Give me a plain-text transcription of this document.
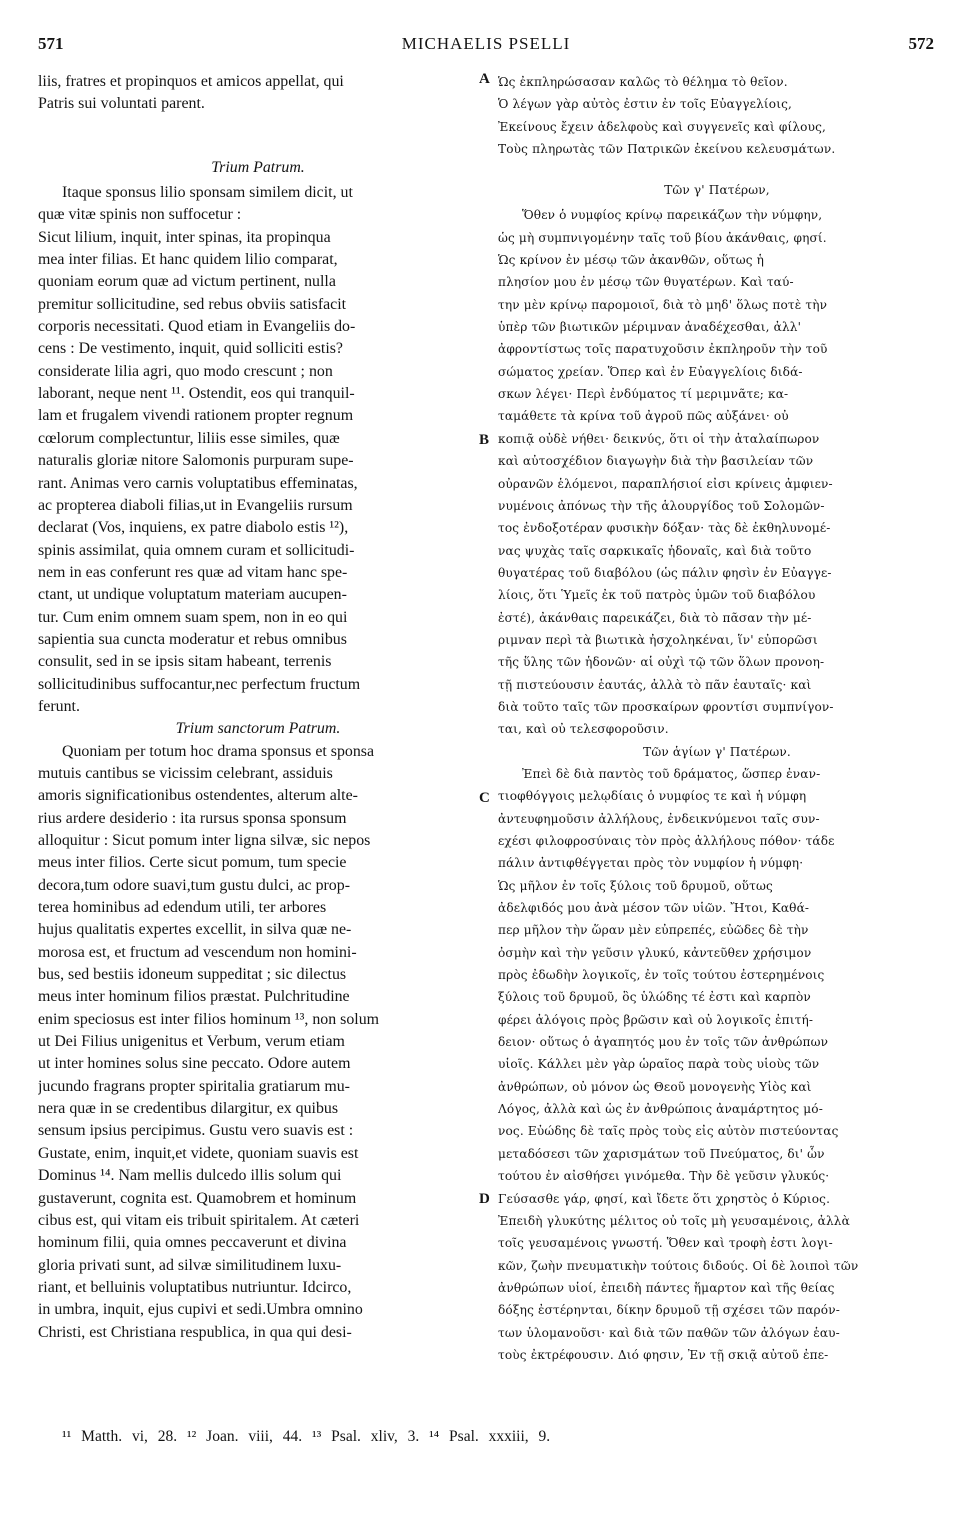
571	MICHAELIS PSELLI	572
liis, fratres et propinquos et amicos appellat, qui
Patris sui voluntati parent.
Trium Patrum.
Itaque sponsus lilio sponsam similem dicit, ut
quæ vitæ spinis non suffocetur :
Sicut lilium, inquit, inter spinas, ita propinqua
mea inter filias. Et hanc quidem lilio comparat,
quoniam eorum quæ ad victum pertinent, nulla
premitur sollicitudine, sed rebus obviis satisfacit
corporis necessitati. Quod etiam in Evangeliis do-
cens : De vestimento, inquit, quid solliciti estis?
considerate lilia agri, quo modo crescunt ; non
laborant, neque nent ¹¹. Ostendit, eos qui tranquil-
lam et frugalem vivendi rationem propter regnum
cœlorum complectuntur, liliis esse similes, quæ
naturalis gloriæ nitore Salomonis purpuram supe-
rant. Animas vero carnis voluptatibus effeminatas,
ac propterea diaboli filias,ut in Evangeliis rursum
declarat (Vos, inquiens, ex patre diabolo estis ¹²),
spinis assimilat, quia omnem curam et sollicitudi-
nem in eas conferunt res quæ ad vitam hanc spe-
ctant, ut undique voluptatum materiam aucupen-
tur. Cum enim omnem suam spem, non in eo qui
sapientia sua cuncta moderatur et rebus omnibus
consulit, sed in se ipsis sitam habeant, terrenis
sollicitudinibus suffocantur,nec perfectum fructum
ferunt.
Trium sanctorum Patrum.
Quoniam per totum hoc drama sponsus et sponsa
mutuis cantibus se vicissim celebrant, assiduis
amoris significationibus ostendentes, alterum alte-
rius ardere desiderio : ita rursus sponsa sponsum
alloquitur : Sicut pomum inter ligna silvæ, sic nepos
meus inter filios. Certe sicut pomum, tum specie
decora,tum odore suavi,tum gustu dulci, ac prop-
terea hominibus ad edendum utili, ter arbores
hujus qualitatis expertes excellit, in silva quæ ne-
morosa est, et fructum ad vescendum non homini-
bus, sed bestiis idoneum suppeditat ; sic dilectus
meus inter hominum filios præstat. Pulchritudine
enim speciosus est inter filios hominum ¹³, non solum
ut Dei Filius unigenitus et Verbum, verum etiam
ut inter homines solus sine peccato. Odore autem
jucundo fragrans propter spiritalia gratiarum mu-
nera quæ in se credentibus dilargitur, ex quibus
sensum ipsius percipimus. Gustu vero suavis est :
Gustate, enim, inquit,et videte, quoniam suavis est
Dominus ¹⁴. Nam mellis dulcedo illis solum qui
gustaverunt, cognita est. Quamobrem et hominum
cibus est, qui vitam eis tribuit spiritalem. At cæteri
hominum filii, quia omnes peccaverunt et divina
gloria privati sunt, ad silvæ similitudinem luxu-
riant, et belluinis voluptatibus nutriuntur. Idcirco,
in umbra, inquit, ejus cupivi et sedi.Umbra omnino
Christi, est Christiana respublica, in qua qui desi-
Ὡς ἐκπληρώσασαν καλῶς τὸ θέλημα τὸ θεῖον.
Ὁ λέγων γὰρ αὐτὸς ἐστιν ἐν τοῖς Εὐαγγελίοις,
Ἐκείνους ἔχειν ἀδελφοὺς καὶ συγγενεῖς καὶ φίλους,
Τοὺς πληρωτὰς τῶν Πατρικῶν ἐκείνου κελευσμάτων.
Τῶν γ' Πατέρων,
Ὅθεν ὁ νυμφίος κρίνῳ παρεικάζων τὴν νύμφην,
ὡς μὴ συμπνιγομένην ταῖς τοῦ βίου ἀκάνθαις, φησί.
Ὡς κρίνον ἐν μέσῳ τῶν ἀκανθῶν, οὕτως ἡ
πλησίον μου ἐν μέσῳ τῶν θυγατέρων. Καὶ ταύ-
την μὲν κρίνῳ παρομοιοῖ, διὰ τὸ μηδ' ὅλως ποτὲ τὴν
ὑπὲρ τῶν βιωτικῶν μέριμναν ἀναδέχεσθαι, ἀλλ'
ἀφροντίστως τοῖς παρατυχοῦσιν ἐκπληροῦν τὴν τοῦ
σώματος χρείαν. Ὅπερ καὶ ἐν Εὐαγγελίοις διδά-
σκων λέγει· Περὶ ἐνδύματος τί μεριμνᾶτε; κα-
ταμάθετε τὰ κρίνα τοῦ ἀγροῦ πῶς αὐξάνει· οὐ
κοπιᾷ οὐδὲ νήθει· δεικνύς, ὅτι οἱ τὴν ἀταλαίπωρον
καὶ αὐτοσχέδιον διαγωγὴν διὰ τὴν βασιλείαν τῶν
οὐρανῶν ἑλόμενοι, παραπλήσιοί εἰσι κρίνεις ἀμφιεν-
νυμένοις ἀπόνως τὴν τῆς ἁλουργίδος τοῦ Σολομῶν-
τος ἐνδοξοτέραν φυσικὴν δόξαν· τὰς δὲ ἐκθηλυνομέ-
νας ψυχὰς ταῖς σαρκικαῖς ἡδοναῖς, καὶ διὰ τοῦτο
θυγατέρας τοῦ διαβόλου (ὡς πάλιν φησὶν ἐν Εὐαγγε-
λίοις, ὅτι Ὑμεῖς ἐκ τοῦ πατρὸς ὑμῶν τοῦ διαβόλου
ἐστέ), ἀκάνθαις παρεικάζει, διὰ τὸ πᾶσαν τὴν μέ-
ριμναν περὶ τὰ βιωτικὰ ἠσχοληκέναι, ἵν' εὐπορῶσι
τῆς ὕλης τῶν ἡδονῶν· αἱ οὐχὶ τῷ τῶν ὅλων προνοη-
τῇ πιστεύουσιν ἑαυτάς, ἀλλὰ τὸ πᾶν ἑαυταῖς· καὶ
διὰ τοῦτο ταῖς τῶν προσκαίρων φροντίσι συμπνίγον-
ται, καὶ οὐ τελεσφοροῦσιν.
Τῶν ἁγίων γ' Πατέρων.
Ἐπεὶ δὲ διὰ παντὸς τοῦ δράματος, ὥσπερ ἐναν-
τιοφθόγγοις μελῳδίαις ὁ νυμφίος τε καὶ ἡ νύμφη
ἀντευφημοῦσιν ἀλλήλους, ἐνδεικνύμενοι ταῖς συν-
εχέσι φιλοφροσύναις τὸν πρὸς ἀλλήλους πόθον· τάδε
πάλιν ἀντιφθέγγεται πρὸς τὸν νυμφίον ἡ νύμφη·
Ὡς μῆλον ἐν τοῖς ξύλοις τοῦ δρυμοῦ, οὕτως
ἀδελφιδός μου ἀνὰ μέσον τῶν υἱῶν. Ἤτοι, Καθά-
περ μῆλον τὴν ὥραν μὲν εὐπρεπές, εὐῶδες δὲ τὴν
ὀσμὴν καὶ τὴν γεῦσιν γλυκύ, κἀντεῦθεν χρήσιμον
πρὸς ἐδωδὴν λογικοῖς, ἐν τοῖς τούτου ἐστερημένοις
ξύλοις τοῦ δρυμοῦ, ὃς ὑλώδης τέ ἐστι καὶ καρπὸν
φέρει ἀλόγοις πρὸς βρῶσιν καὶ οὐ λογικοῖς ἐπιτή-
δειον· οὕτως ὁ ἀγαπητός μου ἐν τοῖς τῶν ἀνθρώπων
υἱοῖς. Κάλλει μὲν γὰρ ὡραῖος παρὰ τοὺς υἱοὺς τῶν
ἀνθρώπων, οὐ μόνον ὡς Θεοῦ μονογενὴς Υἱὸς καὶ
Λόγος, ἀλλὰ καὶ ὡς ἐν ἀνθρώποις ἀναμάρτητος μό-
νος. Εὐώδης δὲ ταῖς πρὸς τοὺς εἰς αὐτὸν πιστεύοντας
μεταδόσεσι τῶν χαρισμάτων τοῦ Πνεύματος, δι' ὧν
τούτου ἐν αἰσθήσει γινόμεθα. Τὴν δὲ γεῦσιν γλυκύς·
Γεύσασθε γάρ, φησί, καὶ ἴδετε ὅτι χρηστὸς ὁ Κύριος.
Ἐπειδὴ γλυκύτης μέλιτος οὐ τοῖς μὴ γευσαμένοις, ἀλλὰ
τοῖς γευσαμένοις γνωστή. Ὅθεν καὶ τροφὴ ἐστι λογι-
κῶν, ζωὴν πνευματικὴν τούτοις διδούς. Οἱ δὲ λοιποὶ τῶν
ἀνθρώπων υἱοί, ἐπειδὴ πάντες ἥμαρτον καὶ τῆς θείας
δόξης ἐστέρηνται, δίκην δρυμοῦ τῇ σχέσει τῶν παρόν-
των ὑλομανοῦσι· καὶ διὰ τῶν παθῶν τῶν ἀλόγων ἑαυ-
τοὺς ἐκτρέφουσιν. Διό φησιν, Ἐν τῇ σκιᾷ αὐτοῦ ἐπε-
A
B
C
D
¹¹ Matth. vi, 28. ¹² Joan. viii, 44. ¹³ Psal. xliv, 3. ¹⁴ Psal. xxxiii, 9.
